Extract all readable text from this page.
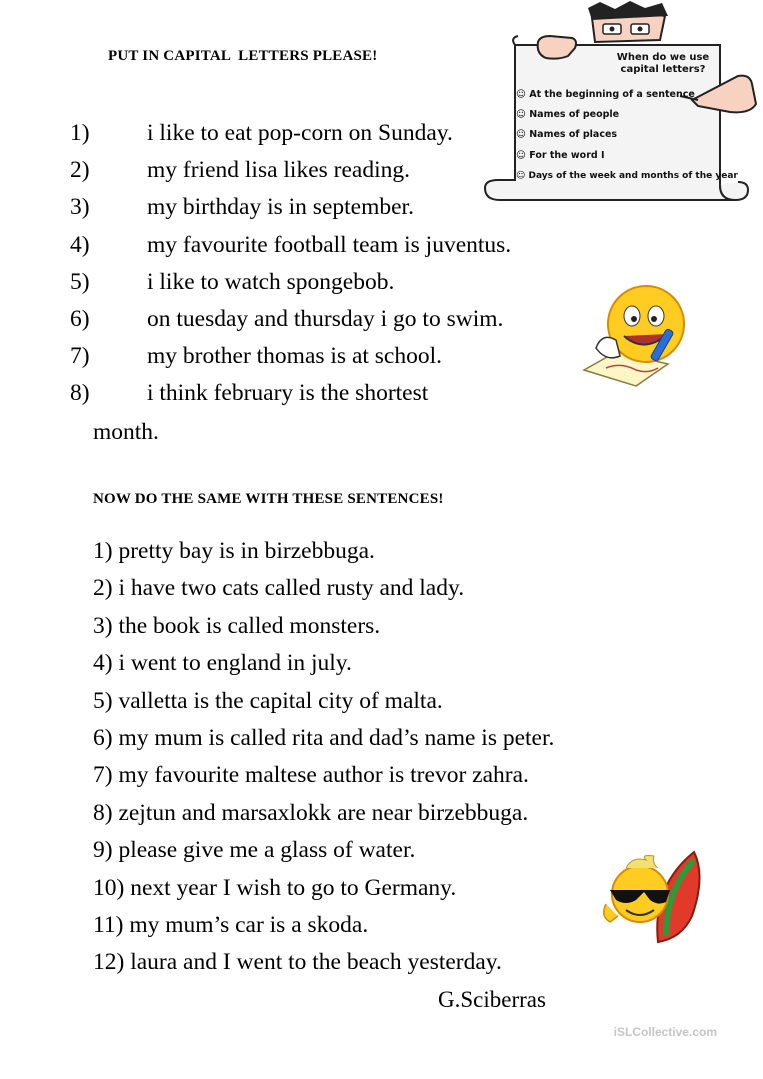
PUT IN CAPITAL  LETTERS PLEASE!	When do we use capital letters?
☺ At the beginning of a sentence
☺ Names of people
☺ Names of places
☺ For the word I
☺ Days of the week and months of the year
1) i like to eat pop-corn on Sunday.
2) my friend lisa likes reading.
3) my birthday is in september.
4) my favourite football team is juventus.
5) i like to watch spongebob.
6) on tuesday and thursday i go to swim.
7) my brother thomas is at school.
8) i think february is the shortest
month.
NOW DO THE SAME WITH THESE SENTENCES!
1) pretty bay is in birzebbuga.
2) i have two cats called rusty and lady.
3) the book is called monsters.
4) i went to england in july.
5) valletta is the capital city of malta.
6) my mum is called rita and dad’s name is peter.
7) my favourite maltese author is trevor zahra.
8) zejtun and marsaxlokk are near birzebbuga.
9) please give me a glass of water.
10) next year I wish to go to Germany.
11) my mum’s car is a skoda.
12) laura and I went to the beach yesterday.
G.Sciberras
iSLCollective.com
